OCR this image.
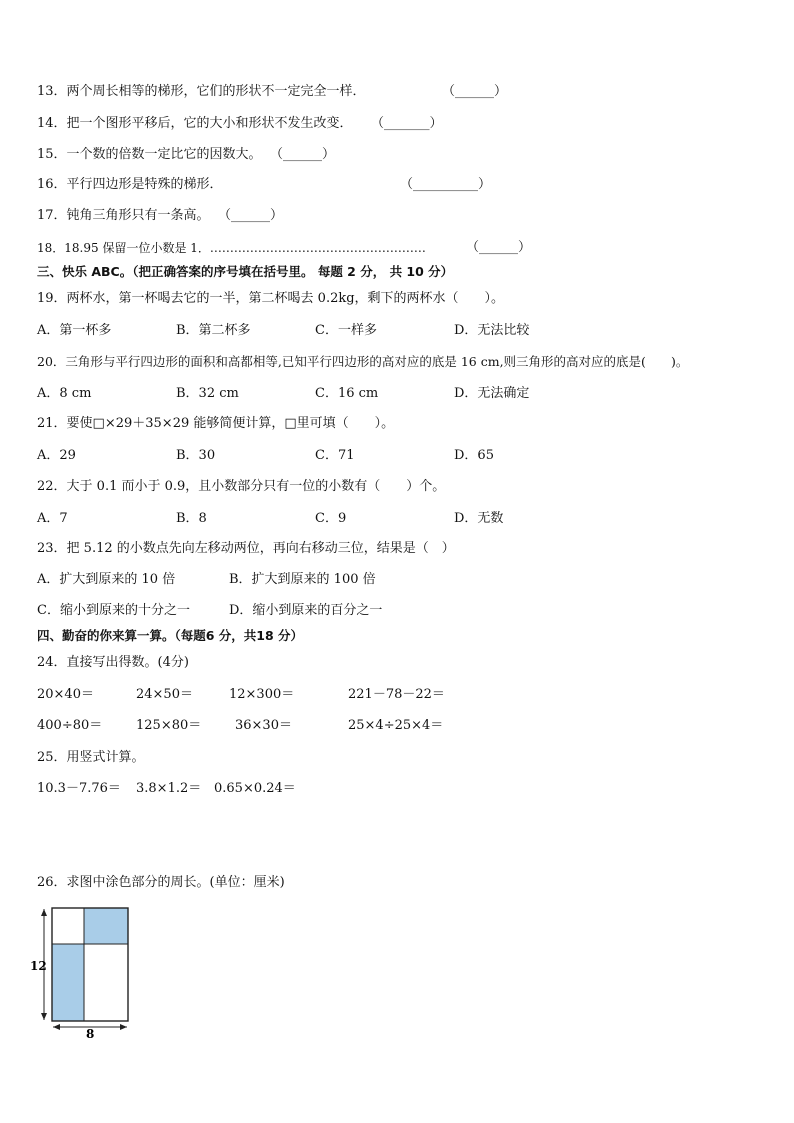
13．两个周长相等的梯形，它们的形状不一定完全一样．	（______）
14．把一个图形平移后，它的大小和形状不发生改变． （_______）
15．一个数的倍数一定比它的因数大。 （______）
16．平行四边形是特殊的梯形．	（__________）
17．钝角三角形只有一条高。 （______）
18．18.95 保留一位小数是 1．………………………………………………	（______）
三、快乐 ABC。（把正确答案的序号填在括号里。 每题 2 分， 共 10 分）
19．两杯水，第一杯喝去它的一半，第二杯喝去 0.2kg，剩下的两杯水（　　）。
A．第一杯多	B．第二杯多	C．一样多	D．无法比较
20．三角形与平行四边形的面积和高都相等,已知平行四边形的高对应的底是 16 cm,则三角形的高对应的底是(　　)。
A．8 cm	B．32 cm	C．16 cm	D．无法确定
21．要使□×29＋35×29 能够简便计算，□里可填（　　）。
A．29	B．30	C．71	D．65
22．大于 0.1 而小于 0.9，且小数部分只有一位的小数有（　　）个。
A．7	B．8	C．9	D．无数
23．把 5.12 的小数点先向左移动两位，再向右移动三位，结果是（　）
A．扩大到原来的 10 倍	B．扩大到原来的 100 倍
C．缩小到原来的十分之一	D．缩小到原来的百分之一
四、勤奋的你来算一算。（每题6 分，共18 分）
24．直接写出得数。(4分)
20×40＝	24×50＝	12×300＝	221－78－22＝
400÷80＝	125×80＝	36×30＝	25×4÷25×4＝
25．用竖式计算。
10.3－7.76＝ 3.8×1.2＝ 0.65×0.24＝
26．求图中涂色部分的周长。(单位：厘米)
12
8
